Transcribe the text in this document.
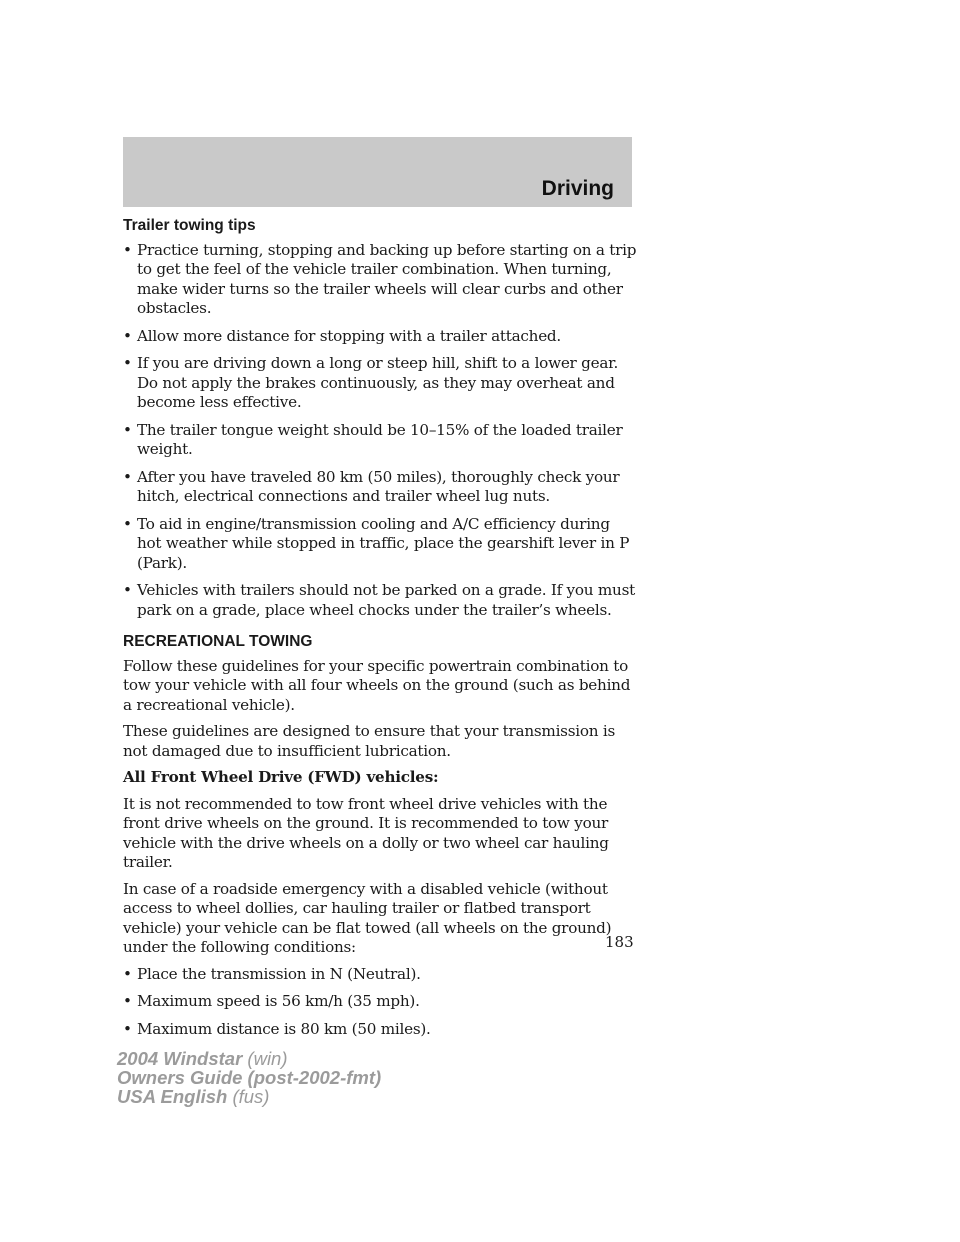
Driving
Trailer towing tips
• Practice turning, stopping and backing up before starting on a trip to get the feel of the vehicle trailer combination. When turning, make wider turns so the trailer wheels will clear curbs and other obstacles.
• Allow more distance for stopping with a trailer attached.
• If you are driving down a long or steep hill, shift to a lower gear. Do not apply the brakes continuously, as they may overheat and become less effective.
• The trailer tongue weight should be 10–15% of the loaded trailer weight.
• After you have traveled 80 km (50 miles), thoroughly check your hitch, electrical connections and trailer wheel lug nuts.
• To aid in engine/transmission cooling and A/C efficiency during hot weather while stopped in traffic, place the gearshift lever in P (Park).
• Vehicles with trailers should not be parked on a grade. If you must park on a grade, place wheel chocks under the trailer’s wheels.
RECREATIONAL TOWING

Follow these guidelines for your specific powertrain combination to tow your vehicle with all four wheels on the ground (such as behind a recreational vehicle).

These guidelines are designed to ensure that your transmission is not damaged due to insufficient lubrication.

All Front Wheel Drive (FWD) vehicles:

It is not recommended to tow front wheel drive vehicles with the front drive wheels on the ground. It is recommended to tow your vehicle with the drive wheels on a dolly or two wheel car hauling trailer.

In case of a roadside emergency with a disabled vehicle (without access to wheel dollies, car hauling trailer or flatbed transport vehicle) your vehicle can be flat towed (all wheels on the ground) under the following conditions:

• Place the transmission in N (Neutral).
• Maximum speed is 56 km/h (35 mph).
• Maximum distance is 80 km (50 miles).
183
2004 Windstar (win)
Owners Guide (post-2002-fmt)
USA English (fus)
